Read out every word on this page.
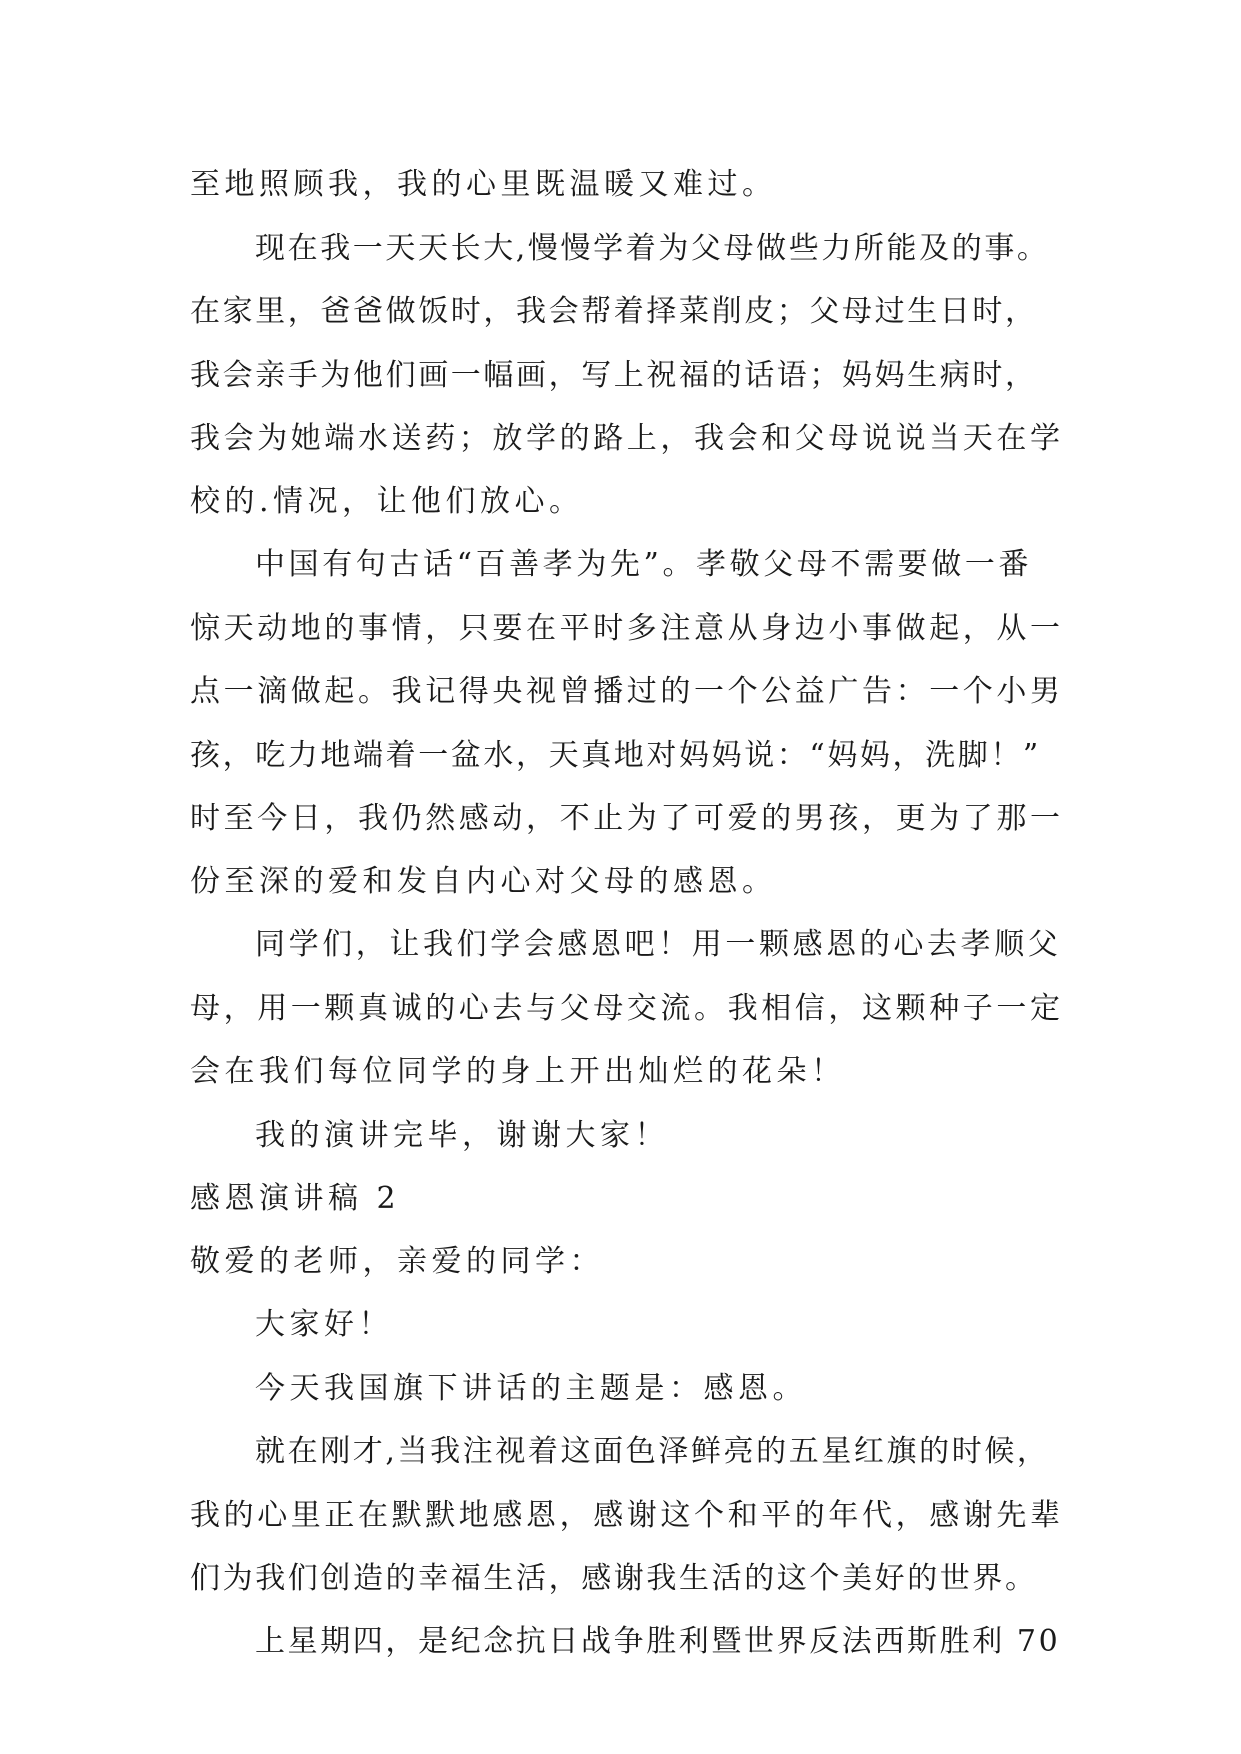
至地照顾我，我的心里既温暖又难过。
现在我一天天长大,慢慢学着为父母做些力所能及的事。
在家里，爸爸做饭时，我会帮着择菜削皮；父母过生日时，
我会亲手为他们画一幅画，写上祝福的话语；妈妈生病时，
我会为她端水送药；放学的路上，我会和父母说说当天在学
校的.情况，让他们放心。
中国有句古话“百善孝为先”。孝敬父母不需要做一番
惊天动地的事情，只要在平时多注意从身边小事做起，从一
点一滴做起。我记得央视曾播过的一个公益广告：一个小男
孩，吃力地端着一盆水，天真地对妈妈说：“妈妈，洗脚！”
时至今日，我仍然感动，不止为了可爱的男孩，更为了那一
份至深的爱和发自内心对父母的感恩。
同学们，让我们学会感恩吧！用一颗感恩的心去孝顺父
母，用一颗真诚的心去与父母交流。我相信，这颗种子一定
会在我们每位同学的身上开出灿烂的花朵！
我的演讲完毕，谢谢大家！
感恩演讲稿 2
敬爱的老师，亲爱的同学：
大家好！
今天我国旗下讲话的主题是：感恩。
就在刚才,当我注视着这面色泽鲜亮的五星红旗的时候，
我的心里正在默默地感恩，感谢这个和平的年代，感谢先辈
们为我们创造的幸福生活，感谢我生活的这个美好的世界。
上星期四，是纪念抗日战争胜利暨世界反法西斯胜利 70
